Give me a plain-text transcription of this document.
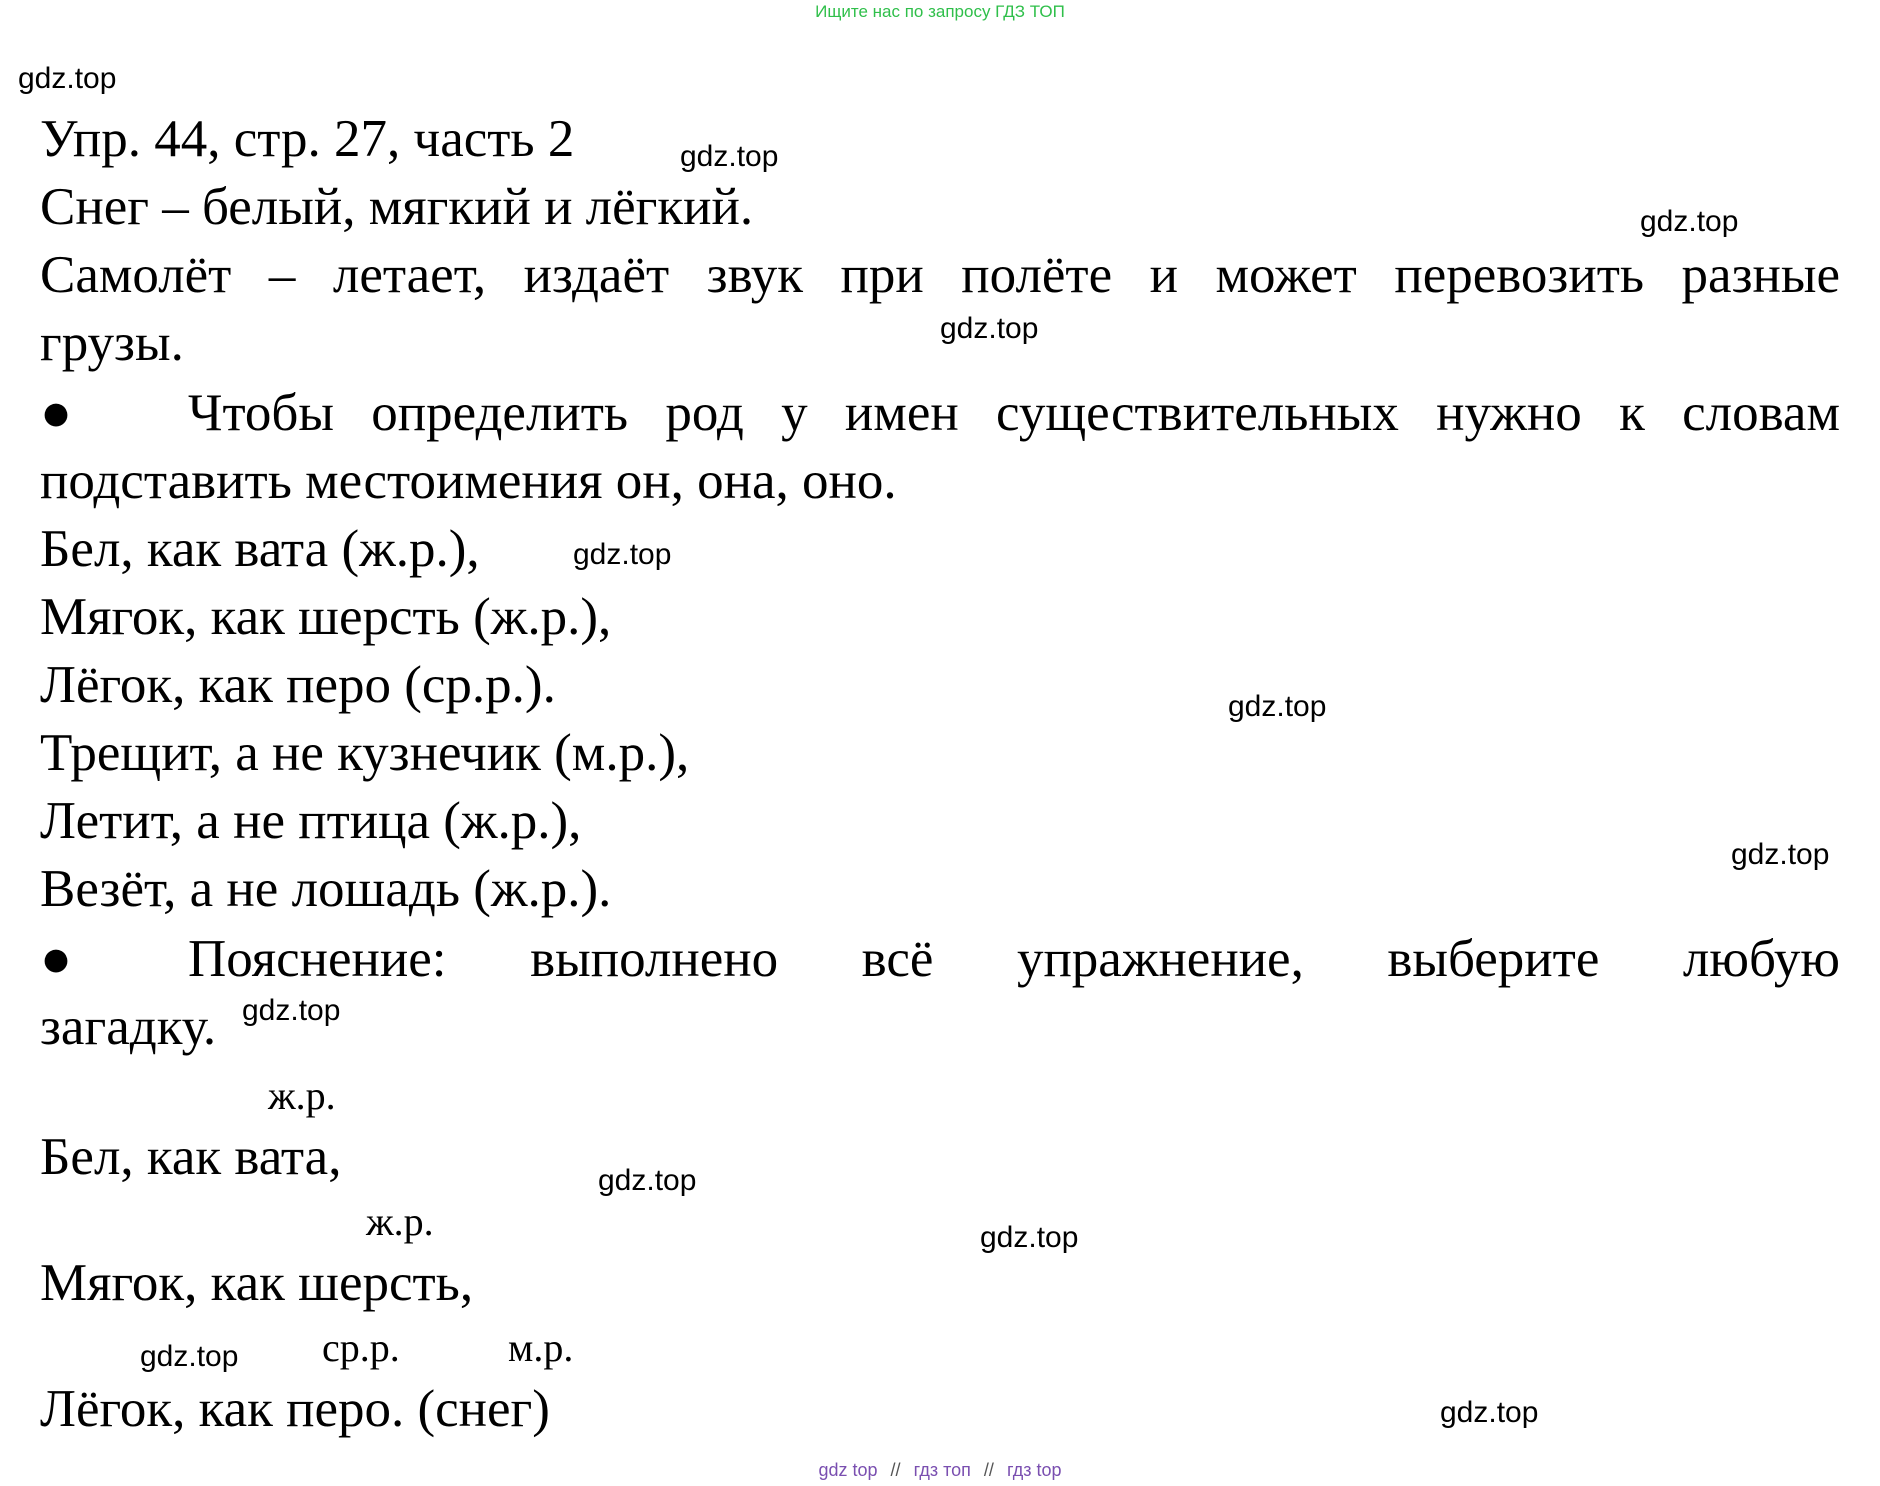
Ищите нас по запросу ГДЗ ТОП
gdz.top
gdz.top
gdz.top
gdz.top
gdz.top
gdz.top
gdz.top
gdz.top
gdz.top
gdz.top
gdz.top
gdz.top
Упр. 44, стр. 27, часть 2
Снег – белый, мягкий и лёгкий.
Самолёт – летает, издаёт звук при полёте и может перевозить разные
грузы.
● Чтобы определить род у имен существительных нужно к словам
подставить местоимения он, она, оно.
Бел, как вата (ж.р.),
Мягок, как шерсть (ж.р.),
Лёгок, как перо (ср.р.).
Трещит, а не кузнечик (м.р.),
Летит, а не птица (ж.р.),
Везёт, а не лошадь (ж.р.).
● Пояснение: выполнено всё упражнение, выберите любую
загадку.
ж.р.
Бел, как вата,
ж.р.
Мягок, как шерсть,
ср.р.	м.р.
Лёгок, как перо. (снег)
gdz top // гдз топ // гдз top
